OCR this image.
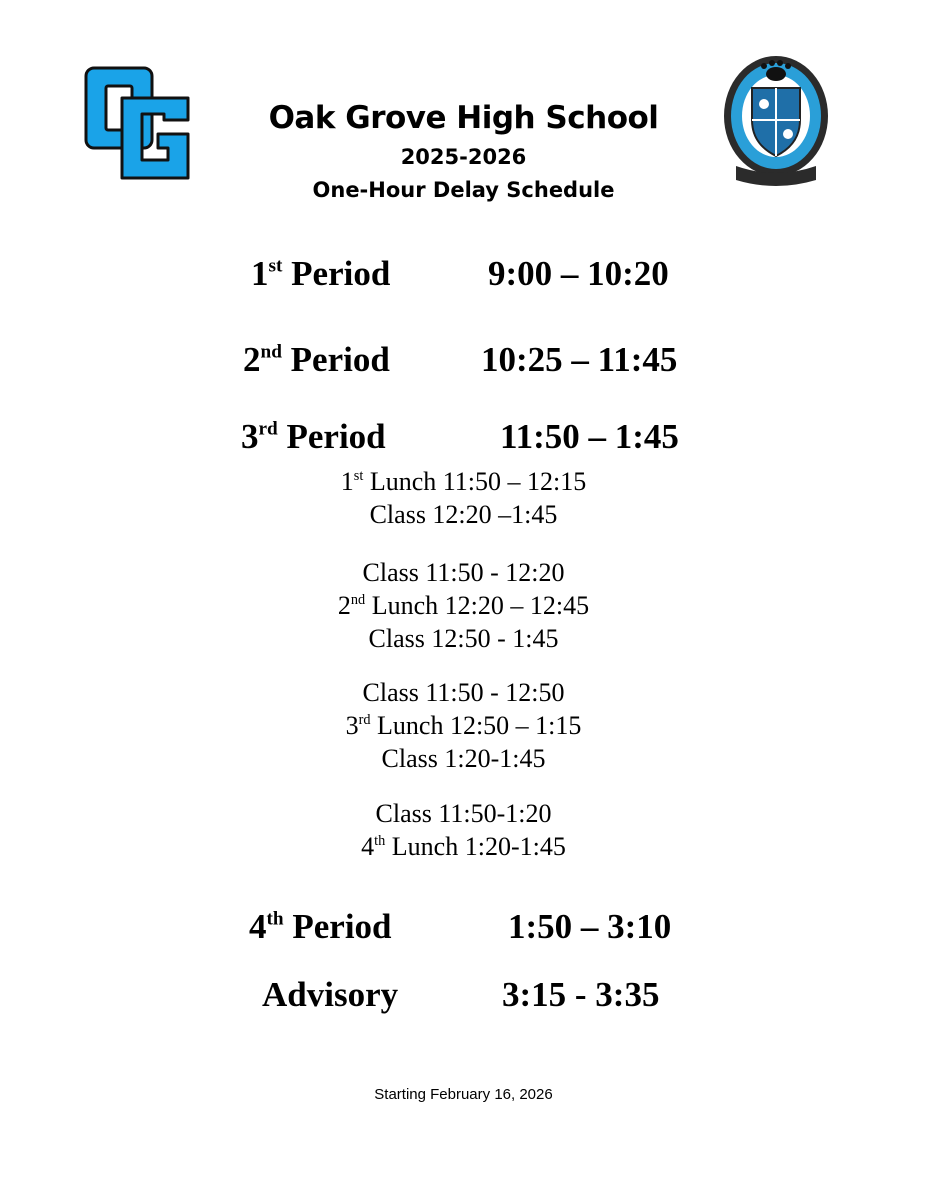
Oak Grove High School
2025-2026
One-Hour Delay Schedule
1st Period	9:00 – 10:20
2nd Period	10:25 – 11:45
3rd Period	11:50 – 1:45
1st Lunch 11:50 – 12:15
Class 12:20 –1:45
Class 11:50 - 12:20
2nd Lunch 12:20 – 12:45
Class 12:50 - 1:45
Class 11:50 - 12:50
3rd Lunch 12:50 – 1:15
Class 1:20-1:45
Class 11:50-1:20
4th Lunch 1:20-1:45
4th Period	1:50 – 3:10
Advisory	3:15 - 3:35
Starting February 16, 2026
